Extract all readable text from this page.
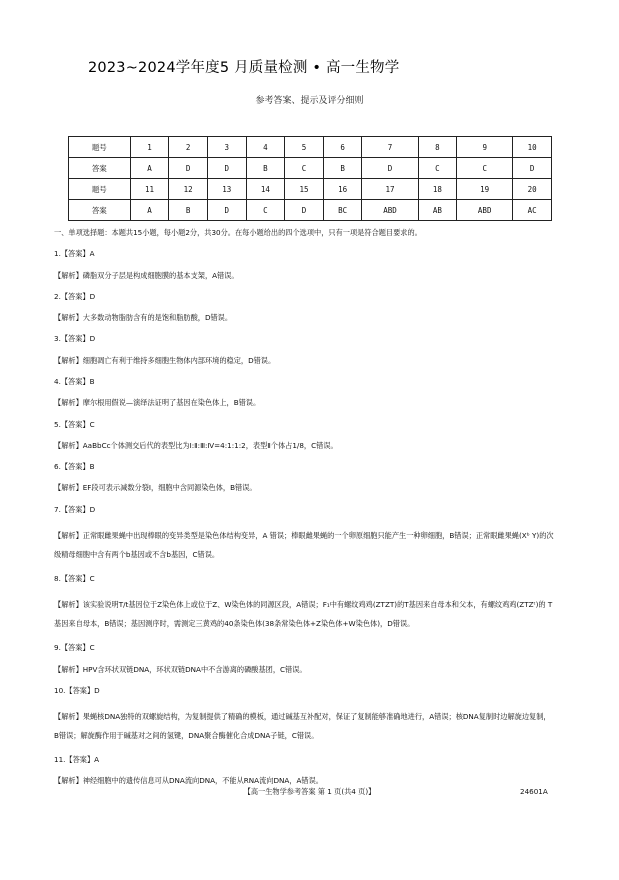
2023~2024学年度5 月质量检测 • 高一生物学
参考答案、提示及评分细则
题号	1	2	3	4	5	6	7	8	9	10
答案	A	D	D	B	C	B	D	C	C	D
题号	11	12	13	14	15	16	17	18	19	20
答案	A	B	D	C	D	BC	ABD	AB	ABD	AC
一、单项选择题：本题共15小题，每小题2分，共30分。在每小题给出的四个选项中，只有一项是符合题目要求的。
1.【答案】A
【解析】磷脂双分子层是构成细胞膜的基本支架，A错误。
2.【答案】D
【解析】大多数动物脂肪含有的是饱和脂肪酸，D错误。
3.【答案】D
【解析】细胞凋亡有利于维持多细胞生物体内部环境的稳定，D错误。
4.【答案】B
【解析】摩尔根用假说—演绎法证明了基因在染色体上，B错误。
5.【答案】C
【解析】AaBbCc个体测交后代的表型比为Ⅰ:Ⅱ:Ⅲ:Ⅳ=4:1:1:2，表型Ⅱ个体占1/8，C错误。
6.【答案】B
【解析】EF段可表示减数分裂Ⅰ，细胞中含同源染色体，B错误。
7.【答案】D
【解析】正常眼雌果蝇中出现棒眼的变异类型是染色体结构变异，A 错误；棒眼雌果蝇的一个卵原细胞只能产生一种卵细胞，B错误；正常眼雌果蝇(Xᵇ Y)的次级精母细胞中含有两个b基因或不含b基因，C错误。
8.【答案】C
【解析】该实验说明T/t基因位于Z染色体上或位于Z、W染色体的同源区段，A错误；F₁中有螺纹鸡鸡(ZTZT)的T基因来自母本和父本，有螺纹鸡鸡(ZTZᵗ)的 T 基因来自母本，B错误；基因测序时，需测定三黄鸡的40条染色体(38条常染色体+Z染色体+W染色体)，D错误。
9.【答案】C
【解析】HPV含环状双链DNA，环状双链DNA中不含游离的磷酸基团，C错误。
10.【答案】D
【解析】果蝇核DNA独特的双螺旋结构，为复制提供了精确的模板，通过碱基互补配对，保证了复制能够准确地进行，A错误；核DNA复制时边解旋边复制，B错误；解旋酶作用于碱基对之间的氢键，DNA聚合酶催化合成DNA子链，C错误。
11.【答案】A
【解析】神经细胞中的遗传信息可从DNA流向DNA，不能从RNA流向DNA，A错误。
【高一生物学参考答案 第 1 页(共4 页)】	24601A
